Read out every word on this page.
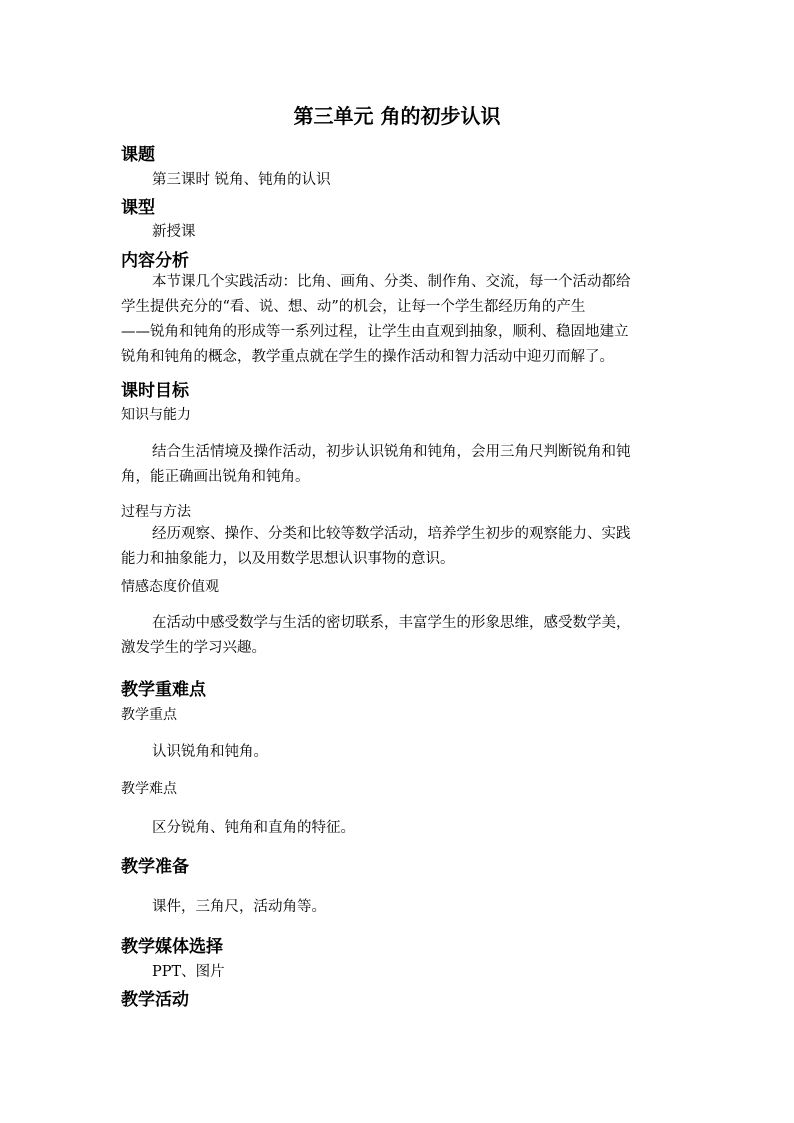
第三单元 角的初步认识
课题
第三课时 锐角、钝角的认识
课型
新授课
内容分析
本节课几个实践活动：比角、画角、分类、制作角、交流，每一个活动都给
学生提供充分的“看、说、想、动”的机会，让每一个学生都经历角的产生
——锐角和钝角的形成等一系列过程，让学生由直观到抽象，顺利、稳固地建立
锐角和钝角的概念，教学重点就在学生的操作活动和智力活动中迎刃而解了。
课时目标
知识与能力
结合生活情境及操作活动，初步认识锐角和钝角，会用三角尺判断锐角和钝
角，能正确画出锐角和钝角。
过程与方法
经历观察、操作、分类和比较等数学活动，培养学生初步的观察能力、实践
能力和抽象能力，以及用数学思想认识事物的意识。
情感态度价值观
在活动中感受数学与生活的密切联系，丰富学生的形象思维，感受数学美，
激发学生的学习兴趣。
教学重难点
教学重点
认识锐角和钝角。
教学难点
区分锐角、钝角和直角的特征。
教学准备
课件，三角尺，活动角等。
教学媒体选择
PPT、图片
教学活动
